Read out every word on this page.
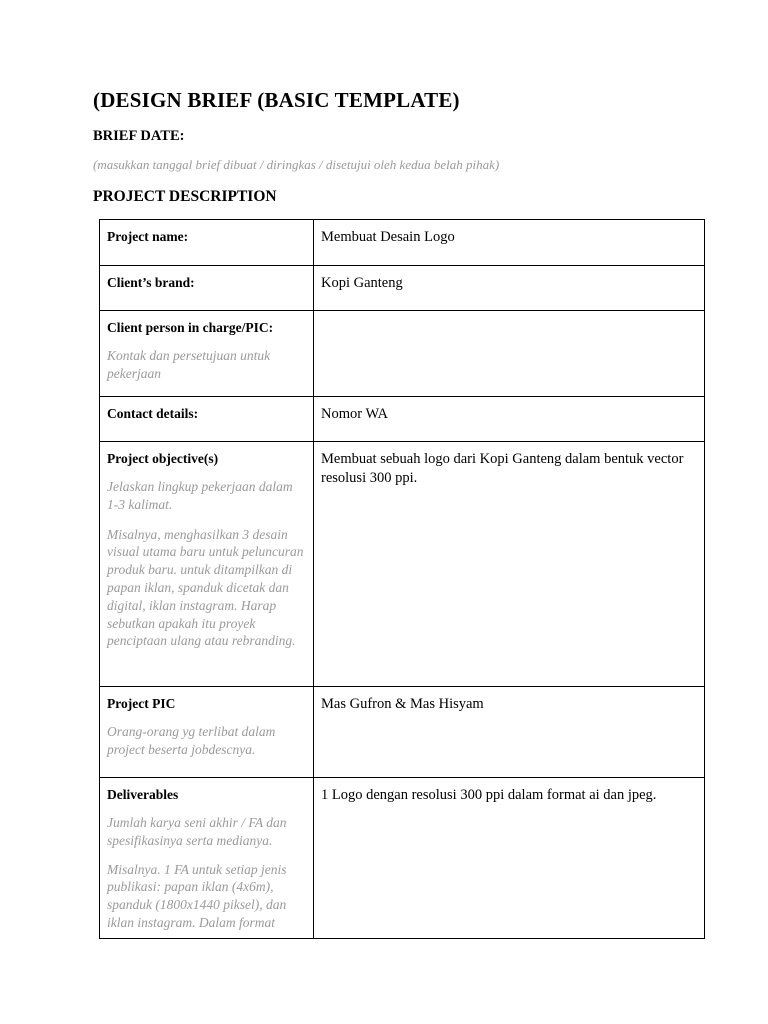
(DESIGN BRIEF (BASIC TEMPLATE)
BRIEF DATE:
(masukkan tanggal brief dibuat / diringkas / disetujui oleh kedua belah pihak)
PROJECT DESCRIPTION
Project name:	Membuat Desain Logo

Client’s brand:	Kopi Ganteng

Client person in charge/PIC:
Kontak dan persetujuan untuk pekerjaan	

Contact details:	Nomor WA

Project objective(s)
Jelaskan lingkup pekerjaan dalam 1-3 kalimat.
Misalnya, menghasilkan 3 desain visual utama baru untuk peluncuran produk baru. untuk ditampilkan di papan iklan, spanduk dicetak dan digital, iklan instagram. Harap sebutkan apakah itu proyek penciptaan ulang atau rebranding.	Membuat sebuah logo dari Kopi Ganteng dalam bentuk vector resolusi 300 ppi.

Project PIC
Orang-orang yg terlibat dalam project beserta jobdescnya.	Mas Gufron & Mas Hisyam

Deliverables
Jumlah karya seni akhir / FA dan spesifikasinya serta medianya.
Misalnya. 1 FA untuk setiap jenis publikasi: papan iklan (4x6m), spanduk (1800x1440 piksel), dan iklan instagram. Dalam format	1 Logo dengan resolusi 300 ppi dalam format ai dan jpeg.
